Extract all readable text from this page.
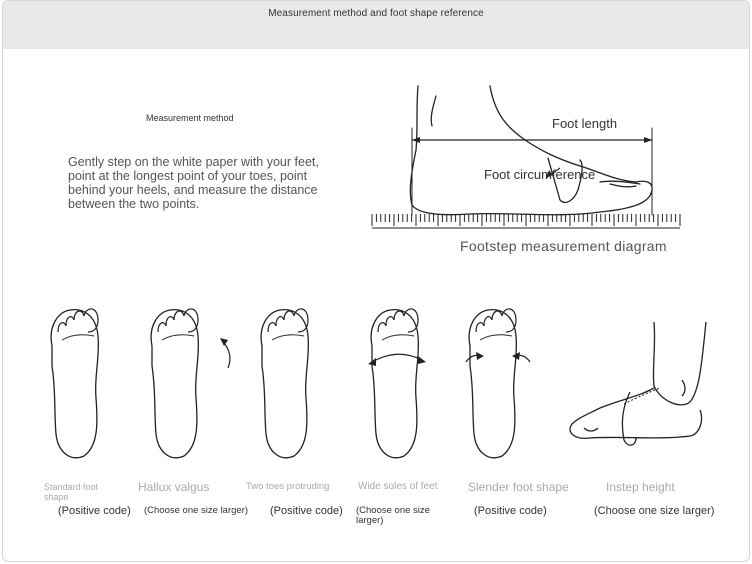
Measurement method and foot shape reference
Measurement method
Gently step on the white paper with your feet, point at the longest point of your toes, point behind your heels, and measure the distance between the two points.
Foot length
Foot circumference
Footstep measurement diagram
Standard foot shape
(Positive code)
Hallux valgus
(Choose one size larger)
Two toes protruding
(Positive code)
Wide soles of feet
(Choose one size larger)
Slender foot shape
(Positive code)
Instep height
(Choose one size larger)
